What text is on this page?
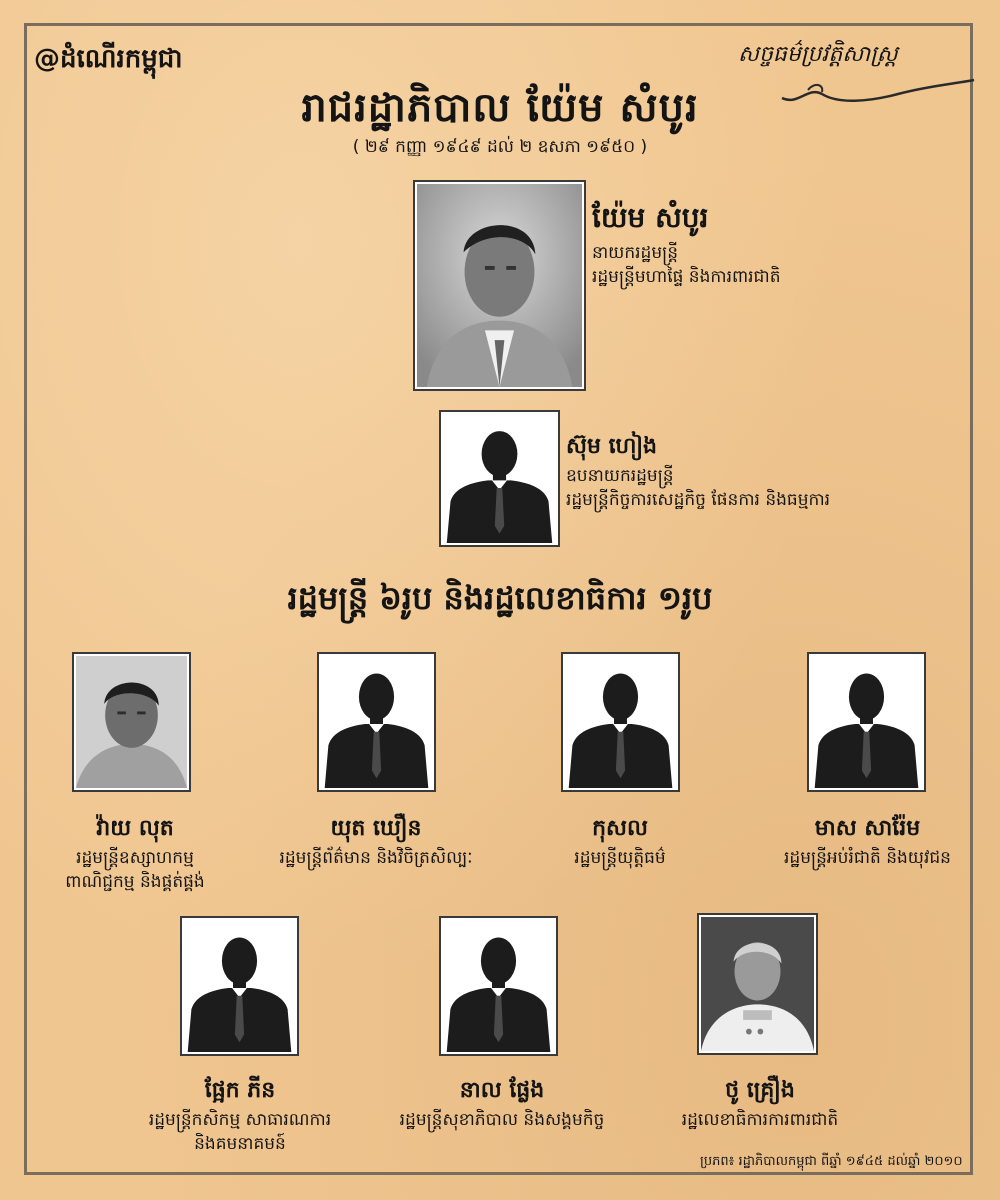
@ដំណើរកម្ពុជា	សច្ចធម៌ប្រវត្តិសាស្ត្រ
រាជរដ្ឋាភិបាល យ៉ែម សំបូរ
( ២៩ កញ្ញា ១៩៤៩ ដល់ ២ ឧសភា ១៩៥០ )
យ៉ែម សំបូរ
នាយករដ្ឋមន្ត្រី
រដ្ឋមន្ត្រីមហាផ្ទៃ និងការពារជាតិ
ស៊ុម ហៀង
ឧបនាយករដ្ឋមន្ត្រី
រដ្ឋមន្ត្រីកិច្ចការសេដ្ឋកិច្ច ផែនការ និងធម្មការ
រដ្ឋមន្ត្រី ៦រូប និងរដ្ឋលេខាធិការ ១រូប
វ៉ាយ លុត
រដ្ឋមន្ត្រីឧស្សាហកម្ម
ពាណិជ្ជកម្ម និងផ្គត់ផ្គង់
យុត ឃឿន
រដ្ឋមន្ត្រីព័ត៌មាន និងវិចិត្រសិល្បៈ
កុសល
រដ្ឋមន្ត្រីយុត្តិធម៌
មាស សារ៉ែម
រដ្ឋមន្ត្រីអប់រំជាតិ និងយុវជន
ផ្អែក ភីន
រដ្ឋមន្ត្រីកសិកម្ម សាធារណការ
និងគមនាគមន៍
នាល ផ្លែង
រដ្ឋមន្ត្រីសុខាភិបាល និងសង្គមកិច្ច
ថូ គ្រឿង
រដ្ឋលេខាធិការការពារជាតិ
ប្រភព៖ រដ្ឋាភិបាលកម្ពុជា ពីឆ្នាំ ១៩៤៥ ដល់ឆ្នាំ ២០១០
